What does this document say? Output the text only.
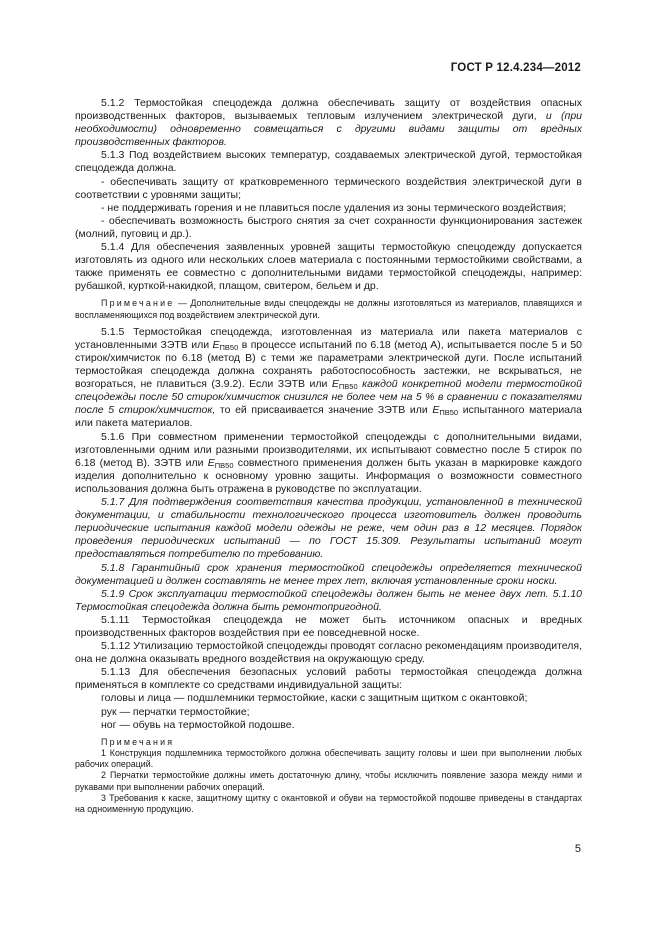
ГОСТ Р 12.4.234—2012

5.1.2 Термостойкая спецодежда должна обеспечивать защиту от воздействия опасных производственных факторов, вызываемых тепловым излучением электрической дуги, и (при необходимости) одновременно совмещаться с другими видами защиты от вредных производственных факторов.

5.1.3 Под воздействием высоких температур, создаваемых электрической дугой, термостойкая спецодежда должна.

- обеспечивать защиту от кратковременного термического воздействия электрической дуги в соответствии с уровнями защиты;

- не поддерживать горения и не плавиться после удаления из зоны термического воздействия;

- обеспечивать возможность быстрого снятия за счет сохранности функционирования застежек (молний, пуговиц и др.).

5.1.4 Для обеспечения заявленных уровней защиты термостойкую спецодежду допускается изготовлять из одного или нескольких слоев материала с постоянными термостойкими свойствами, а также применять ее совместно с дополнительными видами термостойкой спецодежды, например: рубашкой, курткой-накидкой, плащом, свитером, бельем и др.

Примечание — Дополнительные виды спецодежды не должны изготовляться из материалов, плавящихся и воспламеняющихся под воздействием электрической дуги.

5.1.5 Термостойкая спецодежда, изготовленная из материала или пакета материалов с установленными ЗЭТВ или $E_{ПВ50}$ в процессе испытаний по 6.18 (метод А), испытывается после 5 и 50 стирок/химчисток по 6.18 (метод В) с теми же параметрами электрической дуги. После испытаний термостойкая спецодежда должна сохранять работоспособность застежки, не вскрываться, не возгораться, не плавиться (3.9.2). Если ЗЭТВ или $E_{ПВ50}$ каждой конкретной модели термостойкой спецодежды после 50 стирок/химчисток снизился не более чем на 5 % в сравнении с показателями после 5 стирок/химчисток, то ей присваивается значение ЗЭТВ или $E_{ПВ50}$ испытанного материала или пакета материалов.

5.1.6 При совместном применении термостойкой спецодежды с дополнительными видами, изготовленными одним или разными производителями, их испытывают совместно после 5 стирок по 6.18 (метод В). ЗЭТВ или $E_{ПВ50}$ совместного применения должен быть указан в маркировке каждого изделия дополнительно к основному уровню защиты. Информация о возможности совместного использования должна быть отражена в руководстве по эксплуатации.

5.1.7 Для подтверждения соответствия качества продукции, установленной в технической документации, и стабильности технологического процесса изготовитель должен проводить периодические испытания каждой модели одежды не реже, чем один раз в 12 месяцев. Порядок проведения периодических испытаний — по ГОСТ 15.309. Результаты испытаний могут предоставляться потребителю по требованию.

5.1.8 Гарантийный срок хранения термостойкой спецодежды определяется технической документацией и должен составлять не менее трех лет, включая установленные сроки носки.

5.1.9 Срок эксплуатации термостойкой спецодежды должен быть не менее двух лет. 5.1.10 Термостойкая спецодежда должна быть ремонтопригодной.

5.1.11 Термостойкая спецодежда не может быть источником опасных и вредных производственных факторов воздействия при ее повседневной носке.

5.1.12 Утилизацию термостойкой спецодежды проводят согласно рекомендациям производителя, она не должна оказывать вредного воздействия на окружающую среду.

5.1.13 Для обеспечения безопасных условий работы термостойкая спецодежда должна применяться в комплекте со средствами индивидуальной защиты:

головы и лица — подшлемники термостойкие, каски с защитным щитком с окантовкой;

рук — перчатки термостойкие;

ног — обувь на термостойкой подошве.

Примечания

1 Конструкция подшлемника термостойкого должна обеспечивать защиту головы и шеи при выполнении любых рабочих операций.

2 Перчатки термостойкие должны иметь достаточную длину, чтобы исключить появление зазора между ними и рукавами при выполнении рабочих операций.

3 Требования к каске, защитному щитку с окантовкой и обуви на термостойкой подошве приведены в стандартах на одноименную продукцию.

5
